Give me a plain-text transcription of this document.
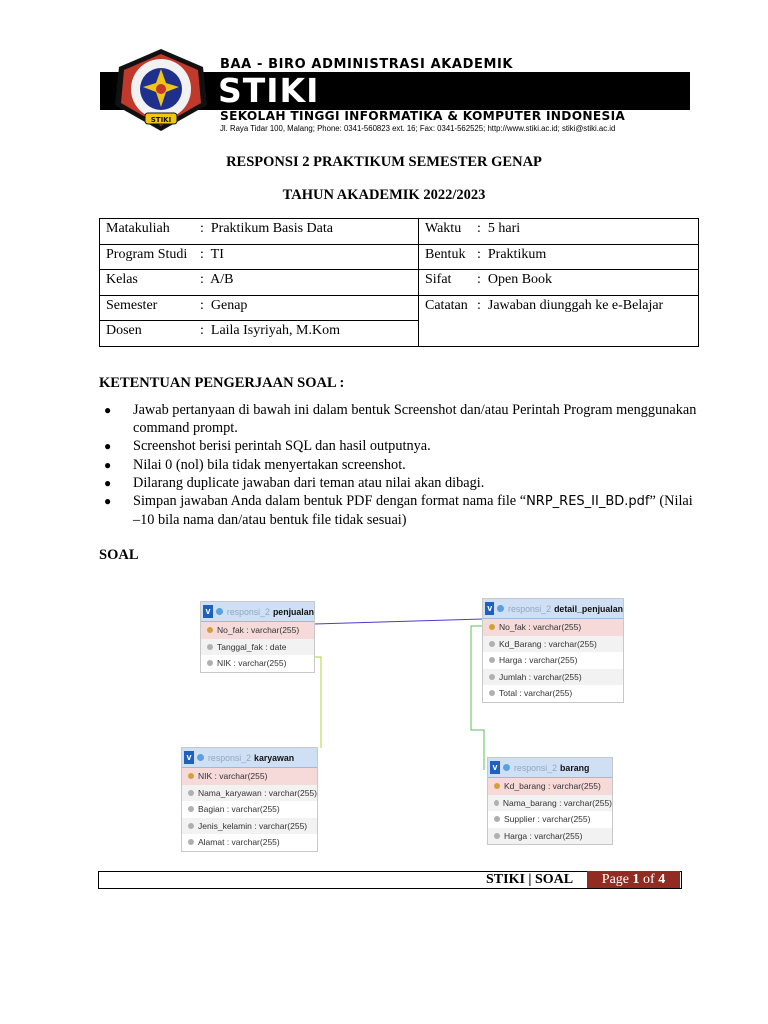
BAA - BIRO ADMINISTRASI AKADEMIK
STIKI
SEKOLAH TINGGI INFORMATIKA & KOMPUTER INDONESIA
Jl. Raya Tidar 100, Malang; Phone: 0341-560823 ext. 16; Fax: 0341-562525; http://www.stiki.ac.id; stiki@stiki.ac.id
STIKI
RESPONSI 2 PRAKTIKUM SEMESTER GENAP
TAHUN AKADEMIK 2022/2023
Matakuliah : Praktikum Basis Data	Waktu : 5 hari
Program Studi : TI	Bentuk : Praktikum
Kelas : A/B	Sifat : Open Book
Semester : Genap	Catatan : Jawaban diunggah ke e-Belajar
Dosen : Laila Isyriyah, M.Kom	
KETENTUAN PENGERJAAN SOAL :
● Jawab pertanyaan di bawah ini dalam bentuk Screenshot dan/atau Perintah Program menggunakan command prompt.
● Screenshot berisi perintah SQL dan hasil outputnya.
● Nilai 0 (nol) bila tidak menyertakan screenshot.
● Dilarang duplicate jawaban dari teman atau nilai akan dibagi.
● Simpan jawaban Anda dalam bentuk PDF dengan format nama file “NRP_RES_II_BD.pdf” (Nilai –10 bila nama dan/atau bentuk file tidak sesuai)
SOAL
v responsi_2 penjualan
No_fak : varchar(255)
Tanggal_fak : date
NIK : varchar(255)
v responsi_2 detail_penjualan
No_fak : varchar(255)
Kd_Barang : varchar(255)
Harga : varchar(255)
Jumlah : varchar(255)
Total : varchar(255)
v responsi_2 karyawan
NIK : varchar(255)
Nama_karyawan : varchar(255)
Bagian : varchar(255)
Jenis_kelamin : varchar(255)
Alamat : varchar(255)
v responsi_2 barang
Kd_barang : varchar(255)
Nama_barang : varchar(255)
Supplier : varchar(255)
Harga : varchar(255)
STIKI | SOAL	Page 1 of 4
